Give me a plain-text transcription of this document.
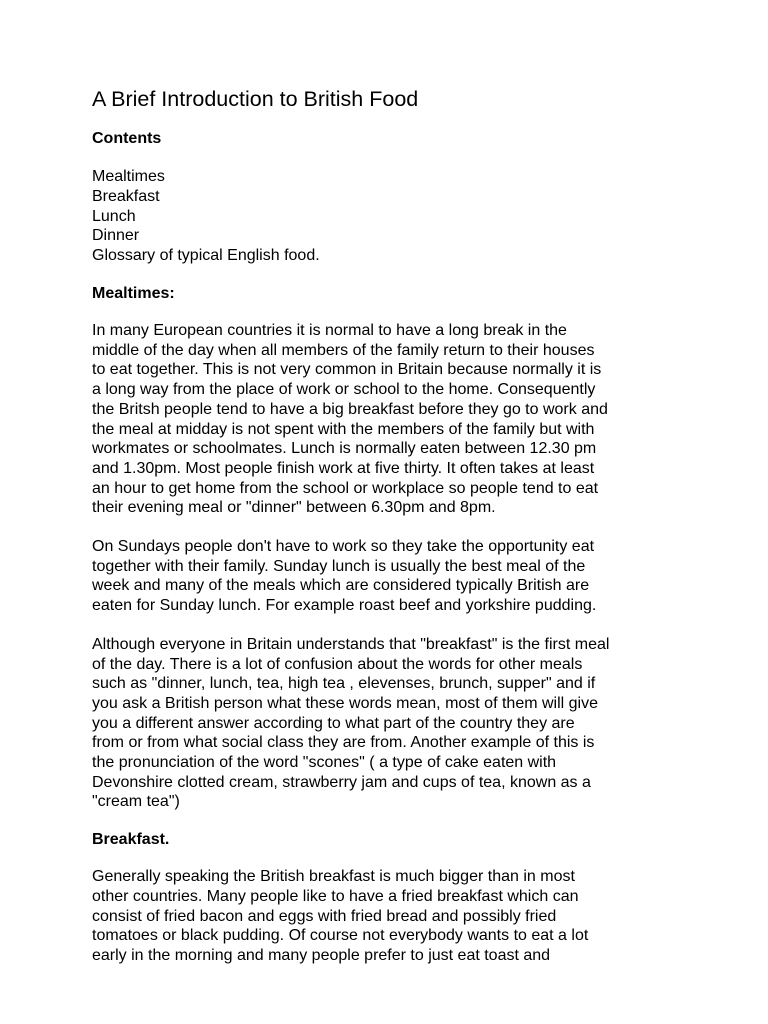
A Brief Introduction to British Food
Contents
Mealtimes
Breakfast
Lunch
Dinner
Glossary of typical English food.
Mealtimes:

In many European countries it is normal to have a long break in the
middle of the day when all members of the family return to their houses
to eat together. This is not very common in Britain because normally it is
a long way from the place of work or school to the home. Consequently
the Britsh people tend to have a big breakfast before they go to work and
the meal at midday is not spent with the members of the family but with
workmates or schoolmates. Lunch is normally eaten between 12.30 pm
and 1.30pm. Most people finish work at five thirty. It often takes at least
an hour to get home from the school or workplace so people tend to eat
their evening meal or "dinner" between 6.30pm and 8pm.

On Sundays people don't have to work so they take the opportunity eat
together with their family. Sunday lunch is usually the best meal of the
week and many of the meals which are considered typically British are
eaten for Sunday lunch. For example roast beef and yorkshire pudding.

Although everyone in Britain understands that "breakfast" is the first meal
of the day. There is a lot of confusion about the words for other meals
such as "dinner, lunch, tea, high tea , elevenses, brunch, supper" and if
you ask a British person what these words mean, most of them will give
you a different answer according to what part of the country they are
from or from what social class they are from. Another example of this is
the pronunciation of the word "scones" ( a type of cake eaten with
Devonshire clotted cream, strawberry jam and cups of tea, known as a
"cream tea")

Breakfast.

Generally speaking the British breakfast is much bigger than in most
other countries. Many people like to have a fried breakfast which can
consist of fried bacon and eggs with fried bread and possibly fried
tomatoes or black pudding. Of course not everybody wants to eat a lot
early in the morning and many people prefer to just eat toast and
